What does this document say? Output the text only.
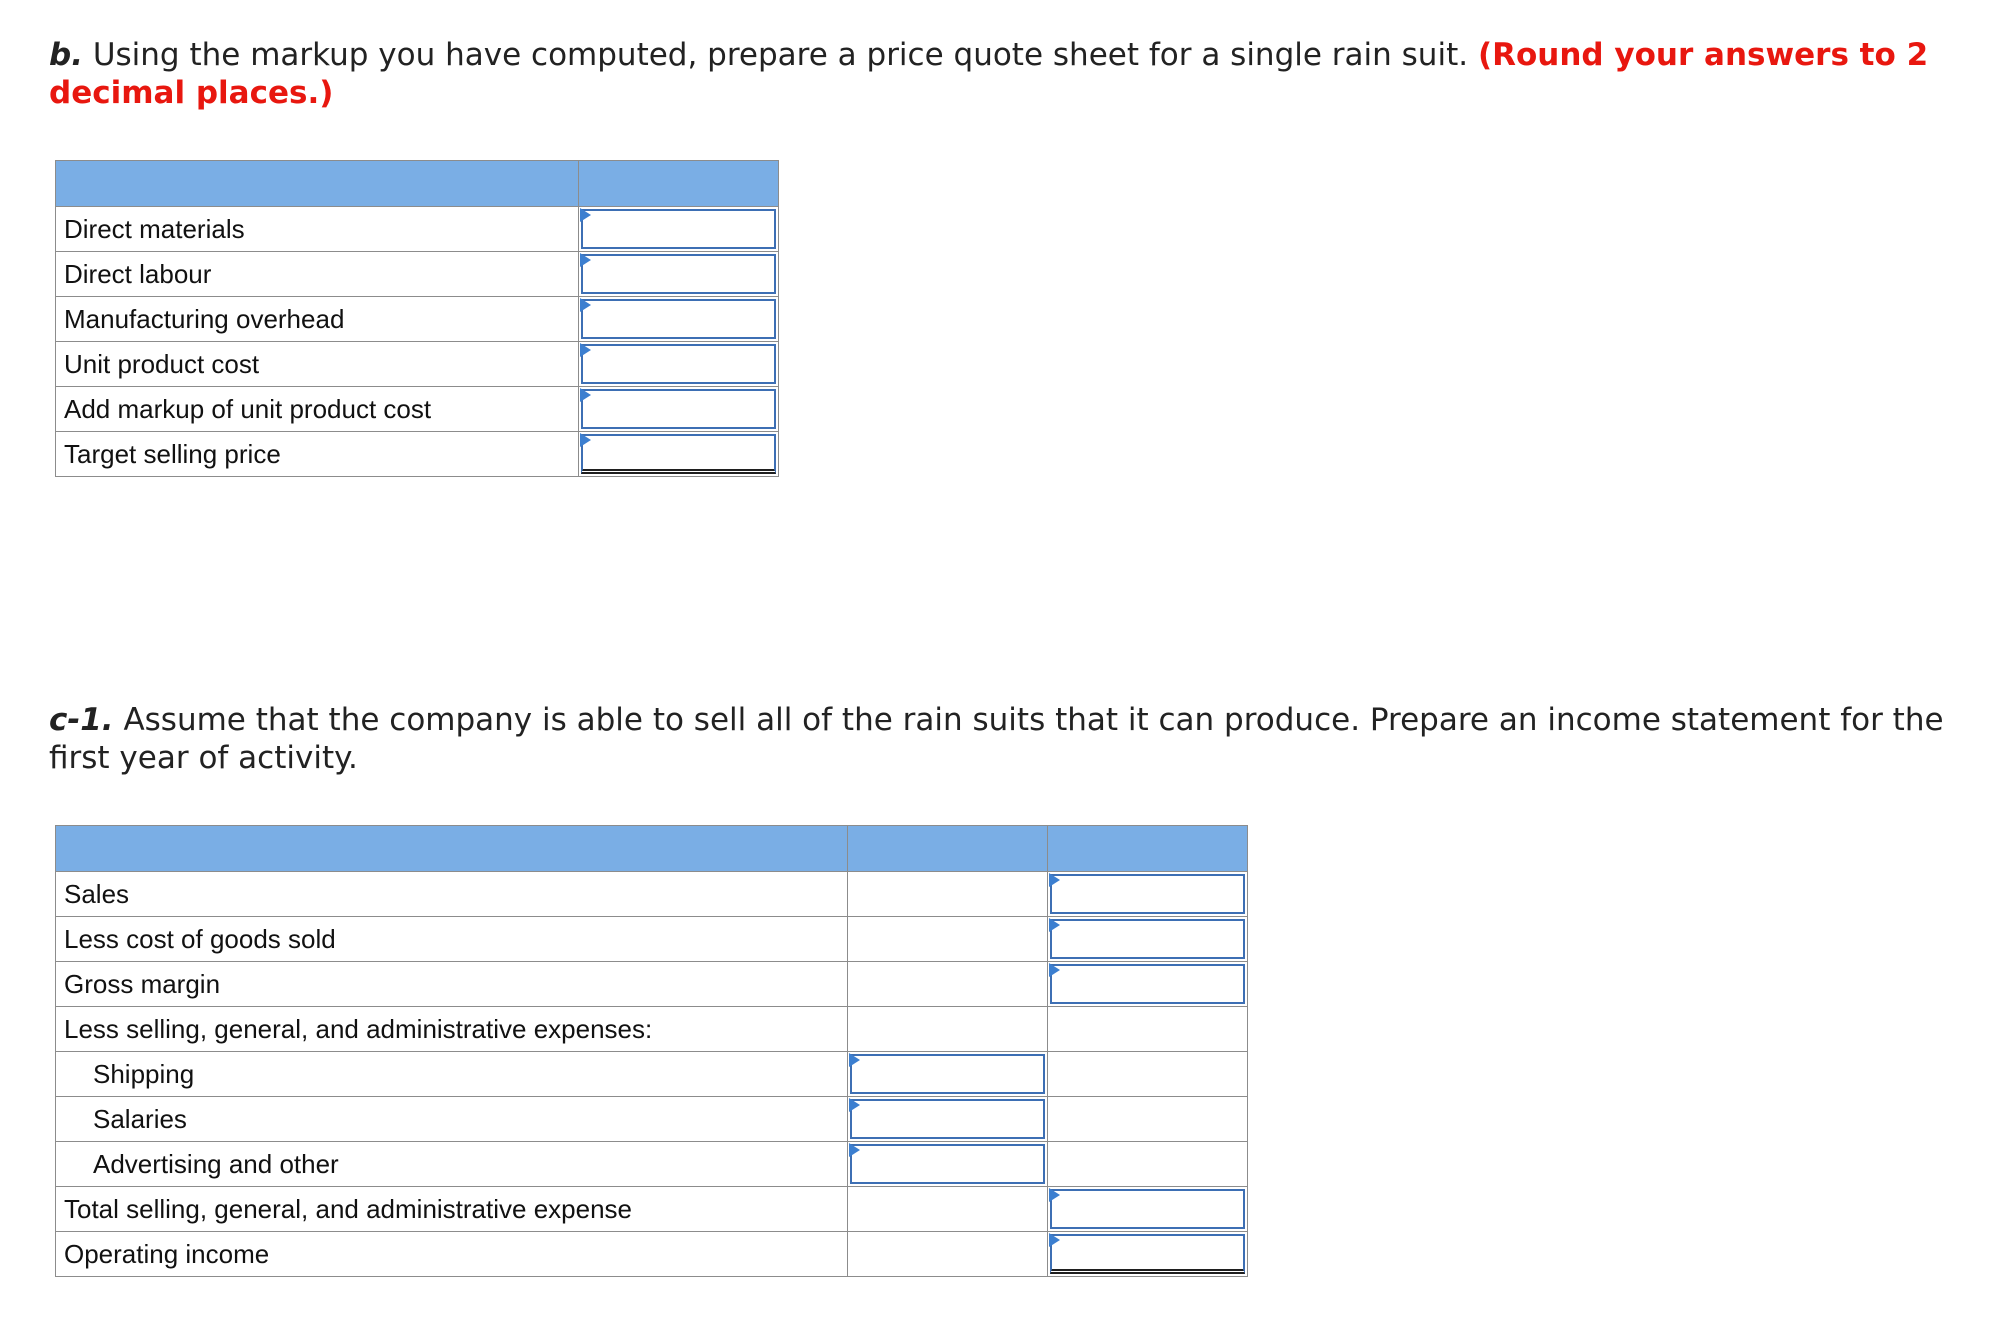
b. Using the markup you have computed, prepare a price quote sheet for a single rain suit. (Round your answers to 2 decimal places.)

Direct materials	

Direct labour	

Manufacturing overhead	

Unit product cost	

Add markup of unit product cost	

Target selling price	
c-1. Assume that the company is able to sell all of the rain suits that it can produce. Prepare an income statement for the first year of activity.

Sales		

Less cost of goods sold		

Gross margin		

Less selling, general, and administrative expenses:		
Shipping	

Salaries	

Advertising and other	

Total selling, general, and administrative expense		

Operating income		
